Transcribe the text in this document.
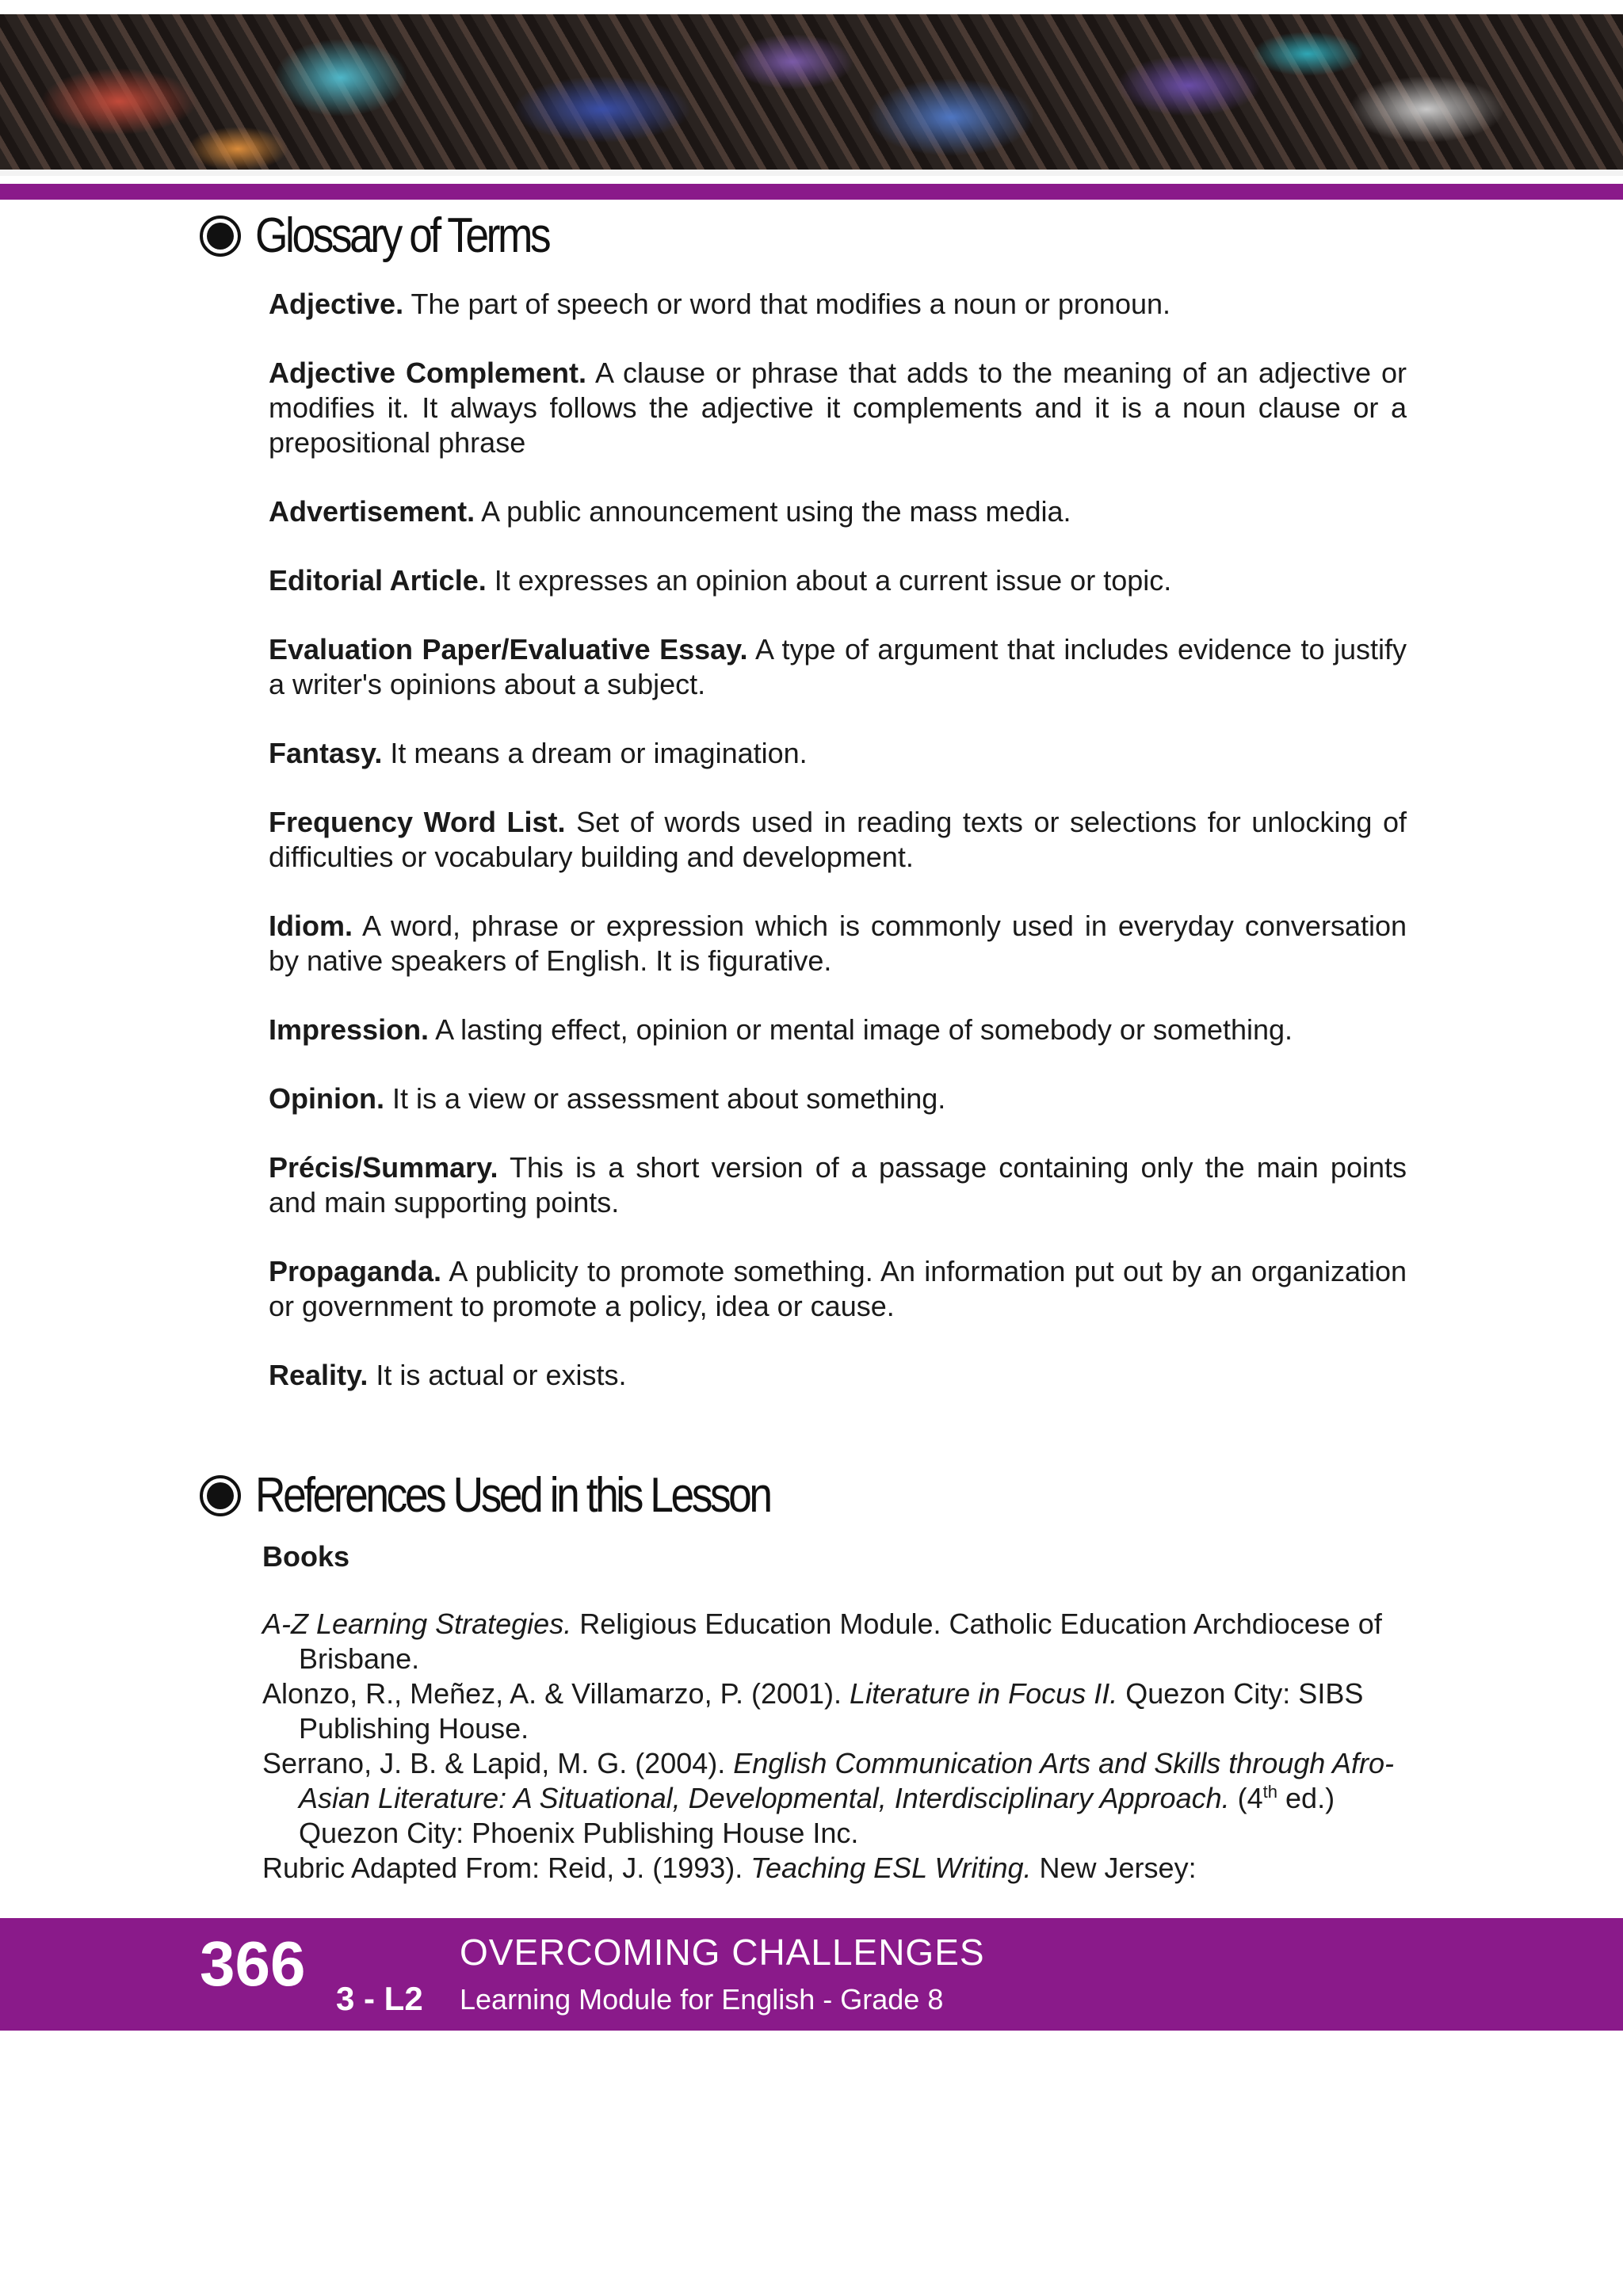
Glossary of Terms

Adjective. The part of speech or word that modifies a noun or pronoun.

Adjective Complement. A clause or phrase that adds to the meaning of an adjective or modifies it. It always follows the adjective it complements and it is a noun clause or a prepositional phrase

Advertisement. A public announcement using the mass media.

Editorial Article. It expresses an opinion about a current issue or topic.

Evaluation Paper/Evaluative Essay. A type of argument that includes evidence to justify a writer's opinions about a subject.

Fantasy. It means a dream or imagination.

Frequency Word List. Set of words used in reading texts or selections for unlocking of difficulties or vocabulary building and development.

Idiom. A word, phrase or expression which is commonly used in everyday conversation by native speakers of English. It is figurative.

Impression. A lasting effect, opinion or mental image of somebody or something.

Opinion. It is a view or assessment about something.

Précis/Summary. This is a short version of a passage containing only the main points and main supporting points.

Propaganda. A publicity to promote something. An information put out by an organization or government to promote a policy, idea or cause.

Reality. It is actual or exists.

References Used in this Lesson
Books
A-Z Learning Strategies. Religious Education Module. Catholic Education Archdiocese of Brisbane.
Alonzo, R., Meñez, A. & Villamarzo, P. (2001). Literature in Focus II. Quezon City: SIBS Publishing House.
Serrano, J. B. & Lapid, M. G. (2004). English Communication Arts and Skills through Afro-Asian Literature: A Situational, Developmental, Interdisciplinary Approach. (4th ed.) Quezon City: Phoenix Publishing House Inc.
Rubric Adapted From: Reid, J. (1993). Teaching ESL Writing. New Jersey:
366 3 - L2
OVERCOMING CHALLENGES
Learning Module for English - Grade 8
